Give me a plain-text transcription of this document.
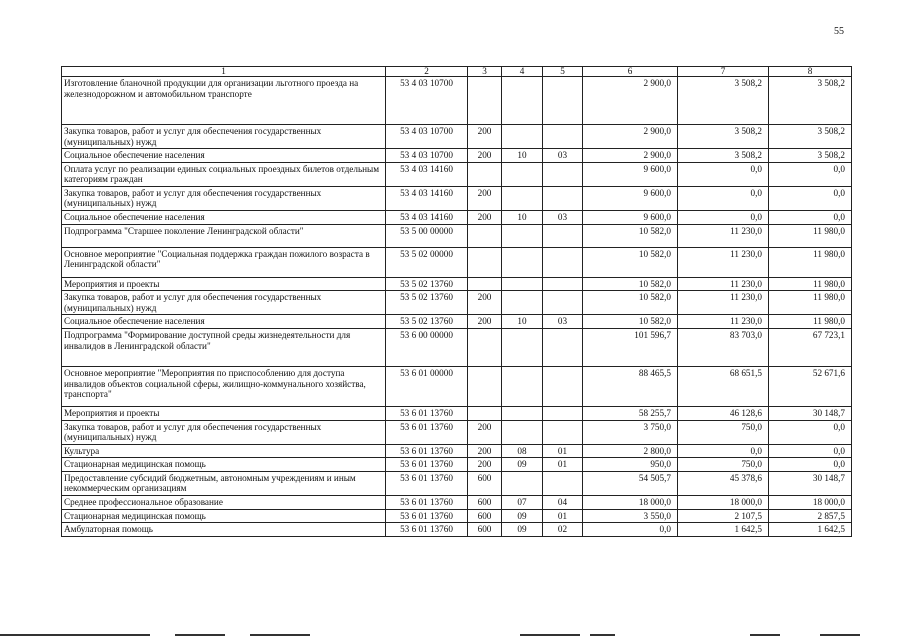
55
1	2	3	4	5	6	7	8
Изготовление бланочной продукции для организации льготного проезда на железнодорожном и автомобильном транспорте	53 4 03 10700				2 900,0	3 508,2	3 508,2
Закупка товаров, работ и услуг для обеспечения государственных (муниципальных) нужд	53 4 03 10700	200			2 900,0	3 508,2	3 508,2
Социальное обеспечение населения	53 4 03 10700	200	10	03	2 900,0	3 508,2	3 508,2
Оплата услуг по реализации единых социальных проездных билетов отдельным категориям граждан	53 4 03 14160				9 600,0	0,0	0,0
Закупка товаров, работ и услуг для обеспечения государственных (муниципальных) нужд	53 4 03 14160	200			9 600,0	0,0	0,0
Социальное обеспечение населения	53 4 03 14160	200	10	03	9 600,0	0,0	0,0
Подпрограмма "Старшее поколение Ленинградской области"	53 5 00 00000				10 582,0	11 230,0	11 980,0
Основное мероприятие "Социальная поддержка граждан пожилого возраста в Ленинградской области"	53 5 02 00000				10 582,0	11 230,0	11 980,0
Мероприятия и проекты	53 5 02 13760				10 582,0	11 230,0	11 980,0
Закупка товаров, работ и услуг для обеспечения государственных (муниципальных) нужд	53 5 02 13760	200			10 582,0	11 230,0	11 980,0
Социальное обеспечение населения	53 5 02 13760	200	10	03	10 582,0	11 230,0	11 980,0
Подпрограмма "Формирование доступной среды жизнедеятельности для инвалидов в Ленинградской области"	53 6 00 00000				101 596,7	83 703,0	67 723,1
Основное мероприятие "Мероприятия по приспособлению для доступа инвалидов объектов социальной сферы, жилищно-коммунального хозяйства, транспорта"	53 6 01 00000				88 465,5	68 651,5	52 671,6
Мероприятия и проекты	53 6 01 13760				58 255,7	46 128,6	30 148,7
Закупка товаров, работ и услуг для обеспечения государственных (муниципальных) нужд	53 6 01 13760	200			3 750,0	750,0	0,0
Культура	53 6 01 13760	200	08	01	2 800,0	0,0	0,0
Стационарная медицинская помощь	53 6 01 13760	200	09	01	950,0	750,0	0,0
Предоставление субсидий бюджетным, автономным учреждениям и иным некоммерческим организациям	53 6 01 13760	600			54 505,7	45 378,6	30 148,7
Среднее профессиональное образование	53 6 01 13760	600	07	04	18 000,0	18 000,0	18 000,0
Стационарная медицинская помощь	53 6 01 13760	600	09	01	3 550,0	2 107,5	2 857,5
Амбулаторная помощь	53 6 01 13760	600	09	02	0,0	1 642,5	1 642,5
